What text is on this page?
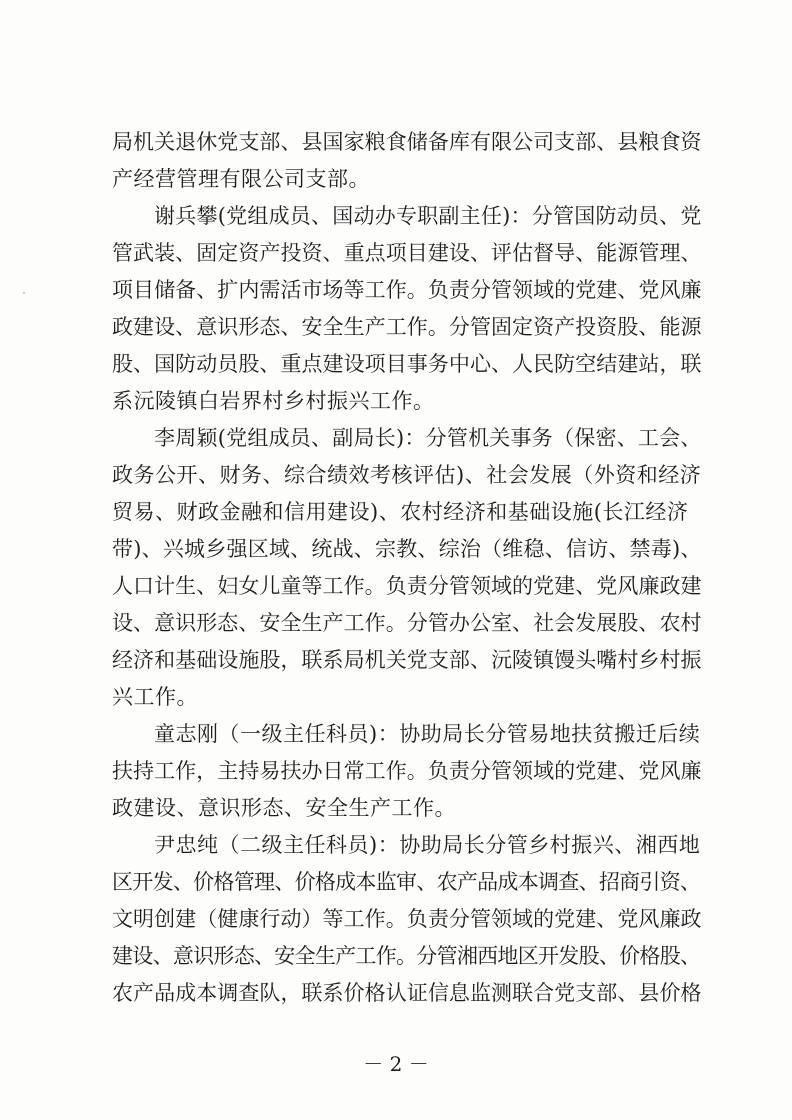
局机关退休党支部、县国家粮食储备库有限公司支部、县粮食资
产经营管理有限公司支部。
谢兵攀(党组成员、国动办专职副主任)：分管国防动员、党
管武装、固定资产投资、重点项目建设、评估督导、能源管理、
项目储备、扩内需活市场等工作。负责分管领域的党建、党风廉
政建设、意识形态、安全生产工作。分管固定资产投资股、能源
股、国防动员股、重点建设项目事务中心、人民防空结建站，联
系沅陵镇白岩界村乡村振兴工作。
李周颖(党组成员、副局长)：分管机关事务（保密、工会、
政务公开、财务、综合绩效考核评估)、社会发展（外资和经济
贸易、财政金融和信用建设)、农村经济和基础设施(长江经济
带)、兴城乡强区域、统战、宗教、综治（维稳、信访、禁毒)、
人口计生、妇女儿童等工作。负责分管领域的党建、党风廉政建
设、意识形态、安全生产工作。分管办公室、社会发展股、农村
经济和基础设施股，联系局机关党支部、沅陵镇馒头嘴村乡村振
兴工作。
童志刚（一级主任科员)：协助局长分管易地扶贫搬迁后续
扶持工作，主持易扶办日常工作。负责分管领域的党建、党风廉
政建设、意识形态、安全生产工作。
尹忠纯（二级主任科员)：协助局长分管乡村振兴、湘西地
区开发、价格管理、价格成本监审、农产品成本调查、招商引资、
文明创建（健康行动）等工作。负责分管领域的党建、党风廉政
建设、意识形态、安全生产工作。分管湘西地区开发股、价格股、
农产品成本调查队，联系价格认证信息监测联合党支部、县价格
－ 2 －
